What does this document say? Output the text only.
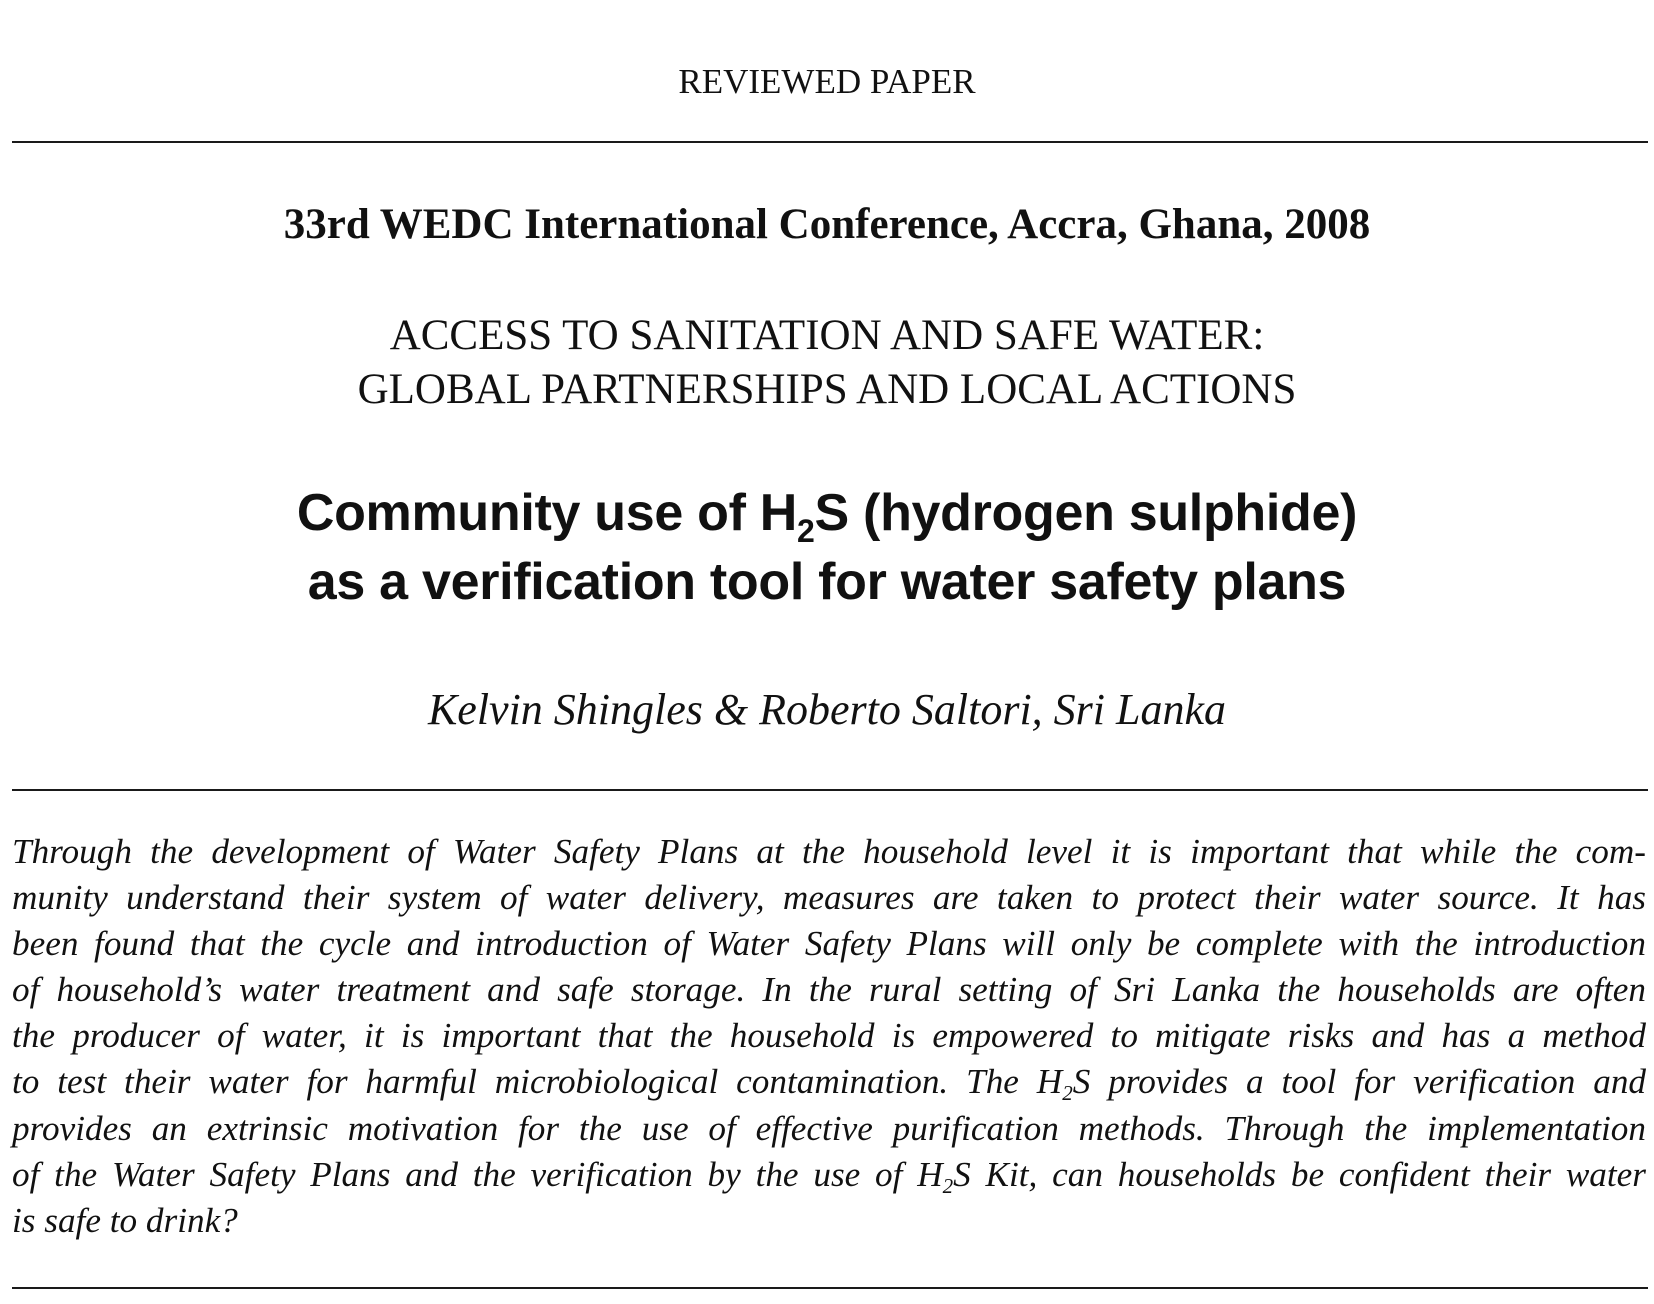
REVIEWED PAPER
33rd WEDC International Conference, Accra, Ghana, 2008
ACCESS TO SANITATION AND SAFE WATER:
GLOBAL PARTNERSHIPS AND LOCAL ACTIONS
Community use of $H_2S$ (hydrogen sulphide)
as a verification tool for water safety plans
Kelvin Shingles & Roberto Saltori, Sri Lanka
Through the development of Water Safety Plans at the household level it is important that while the com-
munity understand their system of water delivery, measures are taken to protect their water source. It has
been found that the cycle and introduction of Water Safety Plans will only be complete with the introduction
of household’s water treatment and safe storage. In the rural setting of Sri Lanka the households are often
the producer of water, it is important that the household is empowered to mitigate risks and has a method
to test their water for harmful microbiological contamination. The $H_2S$ provides a tool for verification and
provides an extrinsic motivation for the use of effective purification methods. Through the implementation
of the Water Safety Plans and the verification by the use of $H_2S$ Kit, can households be confident their water
is safe to drink?
